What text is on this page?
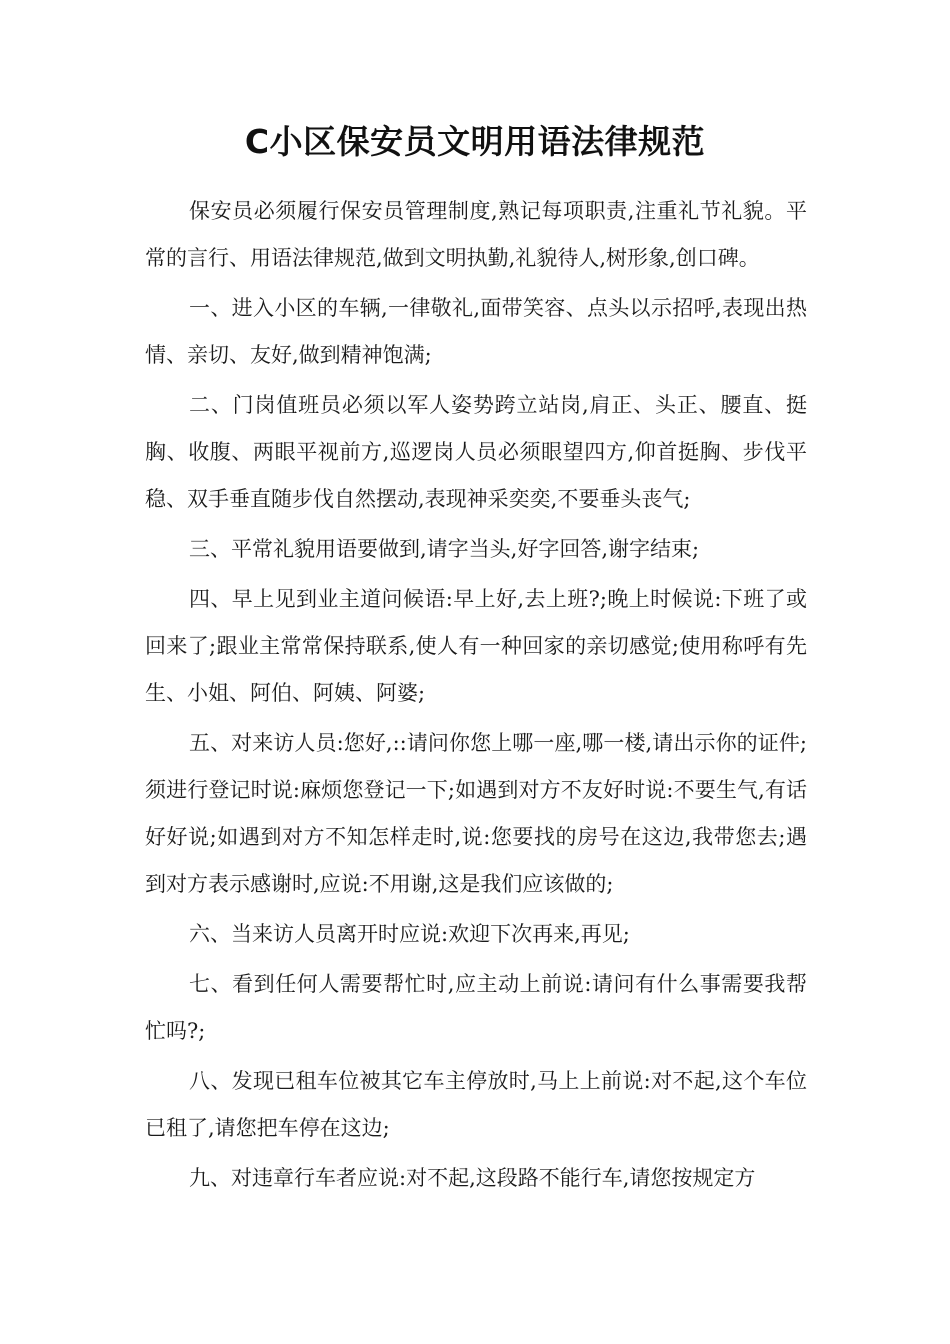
C小区保安员文明用语法律规范

保安员必须履行保安员管理制度,熟记每项职责,注重礼节礼貌。平常的言行、用语法律规范,做到文明执勤,礼貌待人,树形象,创口碑。

一、进入小区的车辆,一律敬礼,面带笑容、点头以示招呼,表现出热情、亲切、友好,做到精神饱满;

二、门岗值班员必须以军人姿势跨立站岗,肩正、头正、腰直、挺胸、收腹、两眼平视前方,巡逻岗人员必须眼望四方,仰首挺胸、步伐平稳、双手垂直随步伐自然摆动,表现神采奕奕,不要垂头丧气;

三、平常礼貌用语要做到,请字当头,好字回答,谢字结束;

四、早上见到业主道问候语:早上好,去上班?;晚上时候说:下班了或回来了;跟业主常常保持联系,使人有一种回家的亲切感觉;使用称呼有先生、小姐、阿伯、阿姨、阿婆;

五、对来访人员:您好,::请问你您上哪一座,哪一楼,请出示你的证件;须进行登记时说:麻烦您登记一下;如遇到对方不友好时说:不要生气,有话好好说;如遇到对方不知怎样走时,说:您要找的房号在这边,我带您去;遇到对方表示感谢时,应说:不用谢,这是我们应该做的;

六、当来访人员离开时应说:欢迎下次再来,再见;

七、看到任何人需要帮忙时,应主动上前说:请问有什么事需要我帮忙吗?;

八、发现已租车位被其它车主停放时,马上上前说:对不起,这个车位已租了,请您把车停在这边;

九、对违章行车者应说:对不起,这段路不能行车,请您按规定方
